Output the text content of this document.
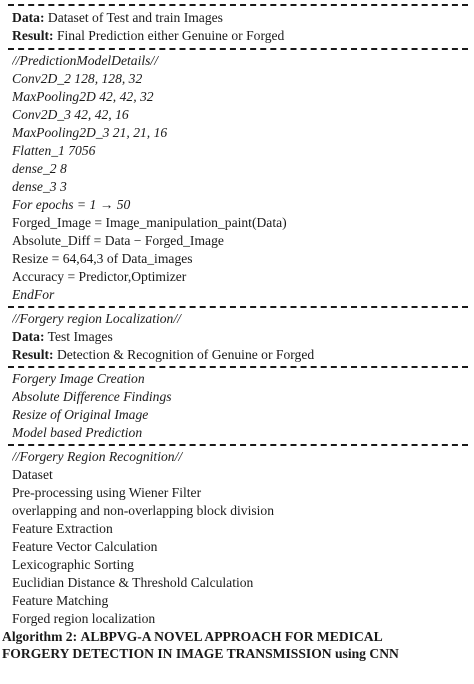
Data: Dataset of Test and train Images
Result: Final Prediction either Genuine or Forged
//PredictionModelDetails//
Conv2D_2 128, 128, 32
MaxPooling2D 42, 42, 32
Conv2D_3 42, 42, 16
MaxPooling2D_3 21, 21, 16
Flatten_1 7056
dense_2 8
dense_3 3
For epochs = 1 → 50
Forged_Image = Image_manipulation_paint(Data)
Absolute_Diff = Data − Forged_Image
Resize = 64,64,3 of Data_images
Accuracy = Predictor,Optimizer
EndFor
//Forgery region Localization//
Data: Test Images
Result: Detection & Recognition of Genuine or Forged
Forgery Image Creation
Absolute Difference Findings
Resize of Original Image
Model based Prediction
//Forgery Region Recognition//
Dataset
Pre-processing using Wiener Filter
overlapping and non-overlapping block division
Feature Extraction
Feature Vector Calculation
Lexicographic Sorting
Euclidian Distance & Threshold Calculation
Feature Matching
Forged region localization
Algorithm 2: ALBPVG-A NOVEL APPROACH FOR MEDICAL
FORGERY DETECTION IN IMAGE TRANSMISSION using CNN
